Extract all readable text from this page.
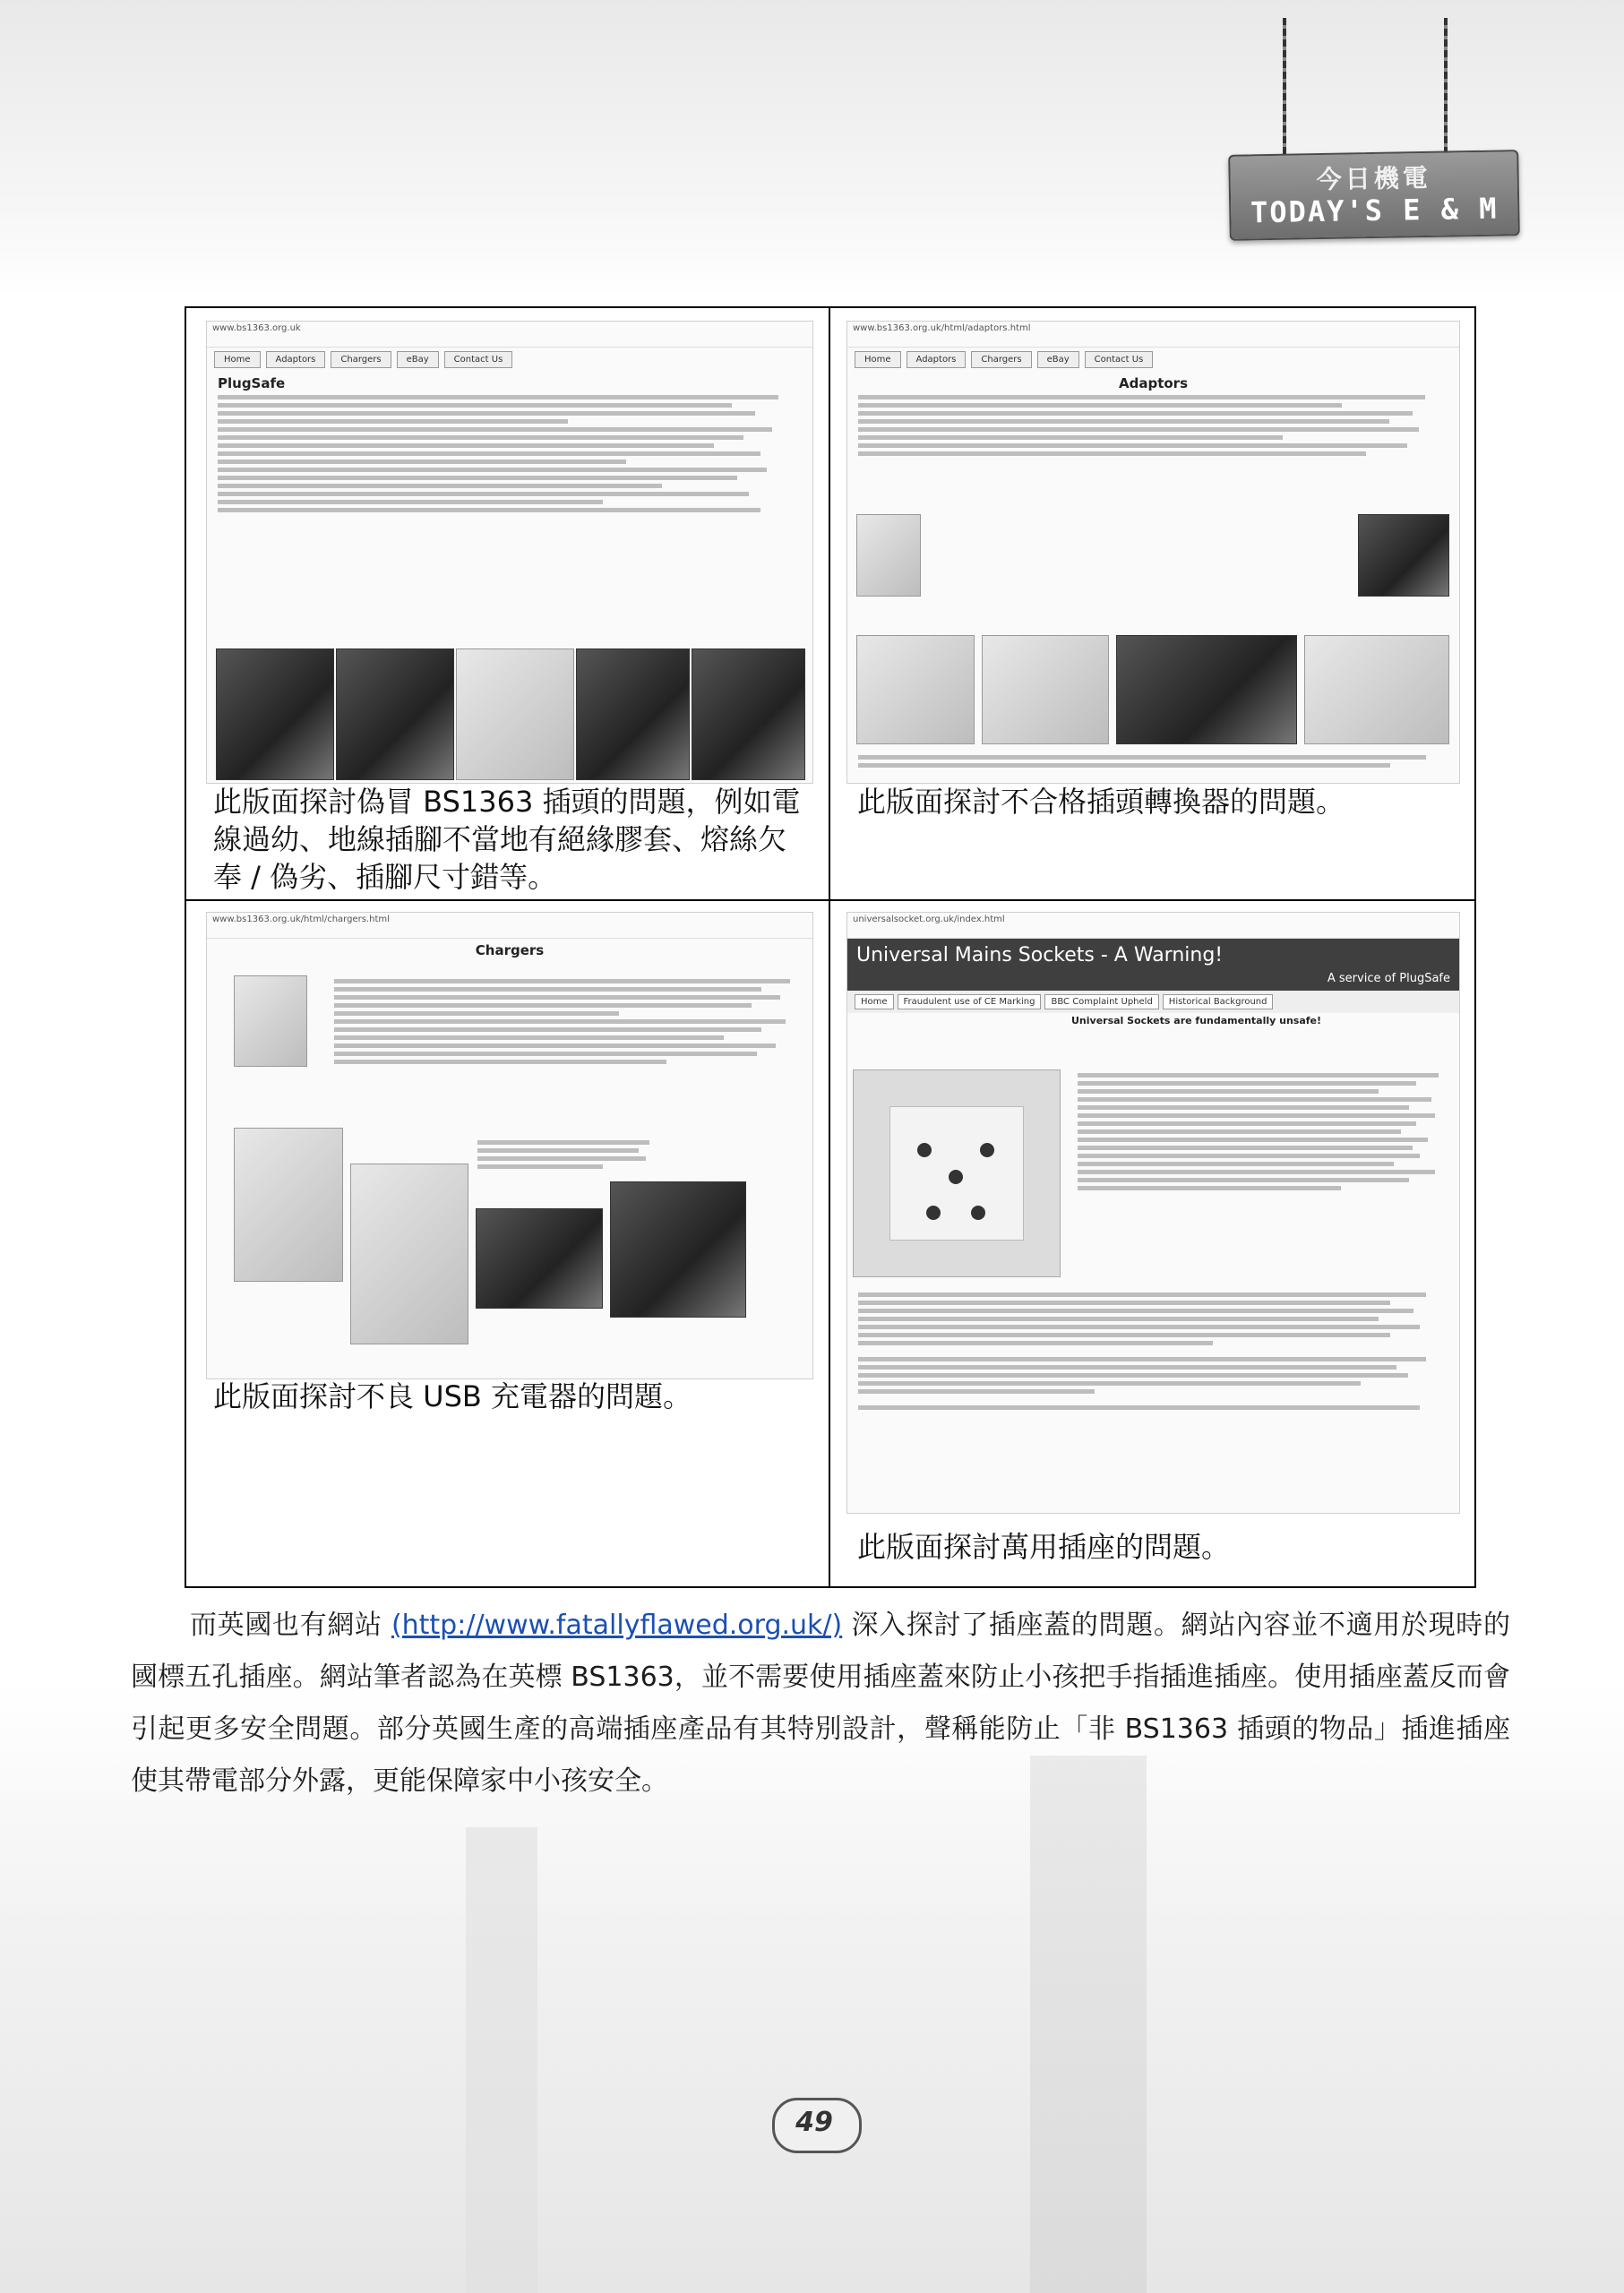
今日機電
TODAY'S E & M
www.bs1363.org.uk

Home	Adaptors	Chargers	eBay	Contact Us
PlugSafe
此版面探討偽冒 BS1363 插頭的問題，例如電線過幼、地線插腳不當地有絕緣膠套、熔絲欠奉 / 偽劣、插腳尺寸錯等。
www.bs1363.org.uk/html/adaptors.html

Home	Adaptors	Chargers	eBay	Contact Us
Adaptors
此版面探討不合格插頭轉換器的問題。
www.bs1363.org.uk/html/chargers.html

Chargers
此版面探討不良 USB 充電器的問題。
universalsocket.org.uk/index.html

Universal Mains Sockets - A Warning!
A service of PlugSafe
Home	Fraudulent use of CE Marking	BBC Complaint Upheld	Historical Background
Universal Sockets are fundamentally unsafe!
此版面探討萬用插座的問題。
而英國也有網站 (http://www.fatallyflawed.org.uk/) 深入探討了插座蓋的問題。網站內容並不適用於現時的國標五孔插座。網站筆者認為在英標 BS1363，並不需要使用插座蓋來防止小孩把手指插進插座。使用插座蓋反而會引起更多安全問題。部分英國生產的高端插座產品有其特別設計，聲稱能防止「非 BS1363 插頭的物品」插進插座使其帶電部分外露，更能保障家中小孩安全。
49
